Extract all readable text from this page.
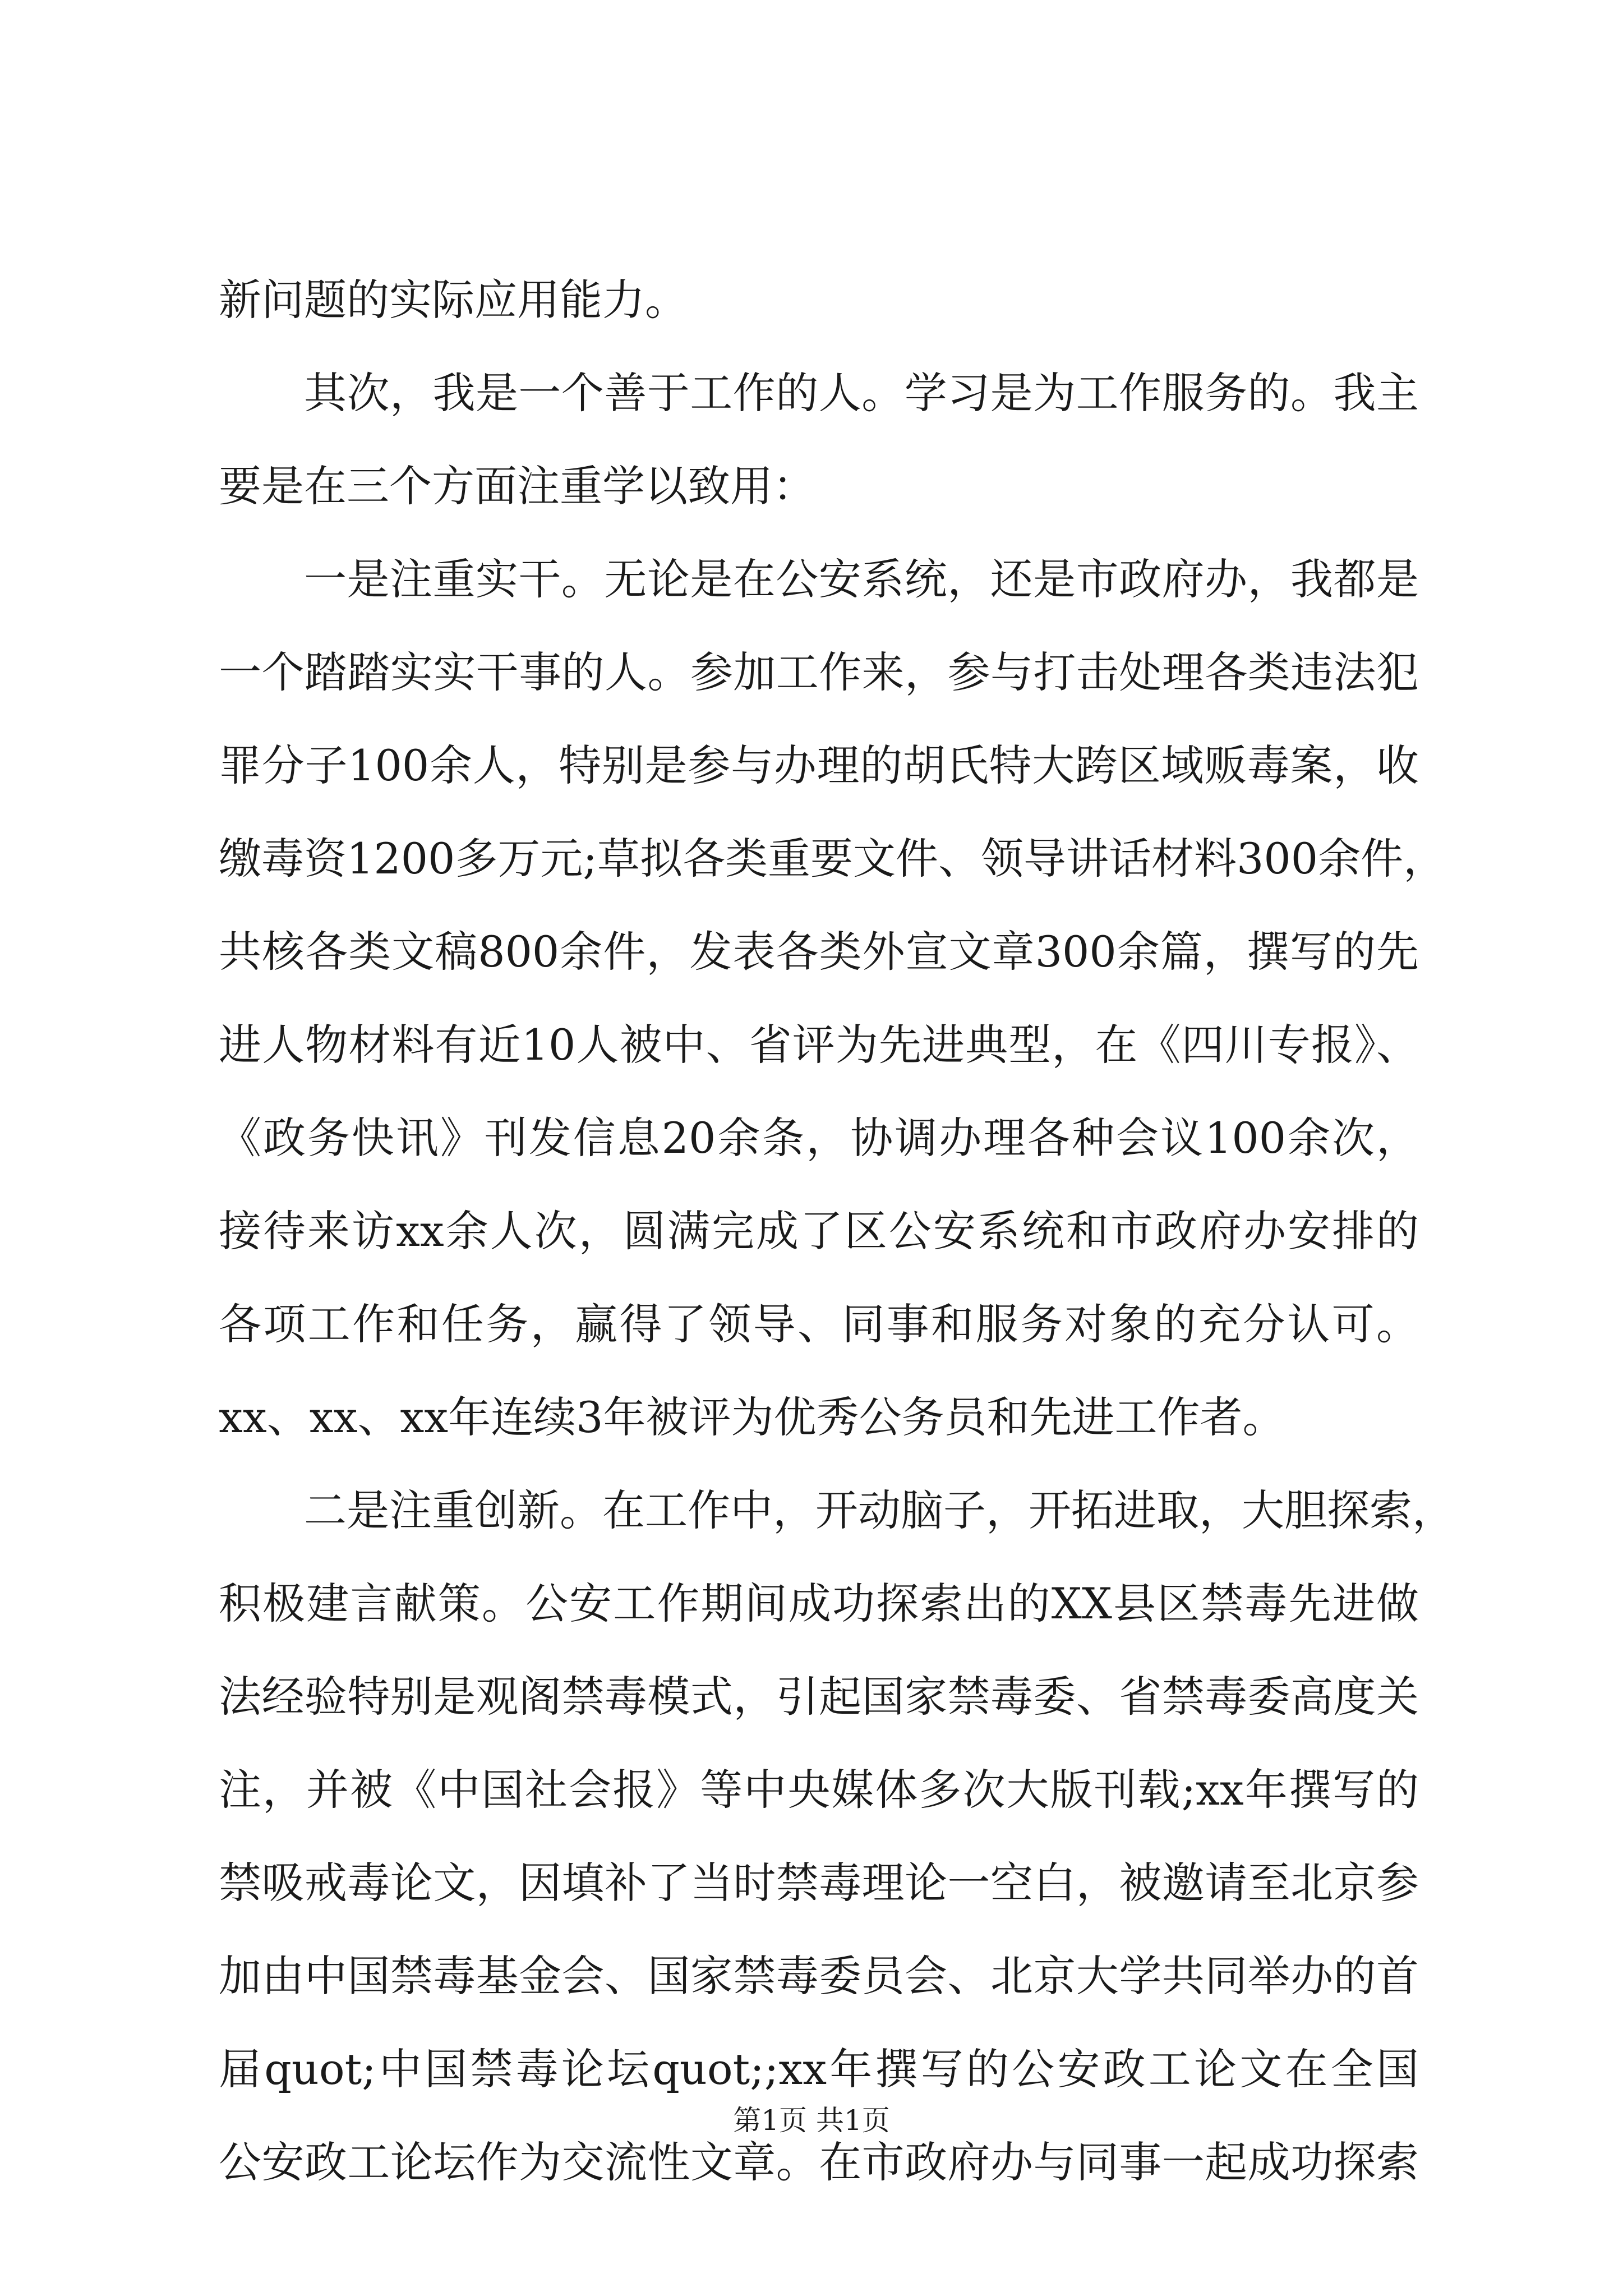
新问题的实际应用能力。
其次，我是一个善于工作的人。学习是为工作服务的。我主
要是在三个方面注重学以致用：
一是注重实干。无论是在公安系统，还是市政府办，我都是
一个踏踏实实干事的人。参加工作来，参与打击处理各类违法犯
罪分子100余人，特别是参与办理的胡氏特大跨区域贩毒案，收
缴毒资1200多万元;草拟各类重要文件、领导讲话材料300余件，
共核各类文稿800余件，发表各类外宣文章300余篇，撰写的先
进人物材料有近10人被中、省评为先进典型，在《四川专报》、
《政务快讯》刊发信息20余条，协调办理各种会议100余次，
接待来访xx余人次，圆满完成了区公安系统和市政府办安排的
各项工作和任务，赢得了领导、同事和服务对象的充分认可。
xx、xx、xx年连续3年被评为优秀公务员和先进工作者。
二是注重创新。在工作中，开动脑子，开拓进取，大胆探索，
积极建言献策。公安工作期间成功探索出的XX县区禁毒先进做
法经验特别是观阁禁毒模式，引起国家禁毒委、省禁毒委高度关
注，并被《中国社会报》等中央媒体多次大版刊载;xx年撰写的
禁吸戒毒论文，因填补了当时禁毒理论一空白，被邀请至北京参
加由中国禁毒基金会、国家禁毒委员会、北京大学共同举办的首
届quot;中国禁毒论坛quot;;xx年撰写的公安政工论文在全国
公安政工论坛作为交流性文章。在市政府办与同事一起成功探索
第1页 共1页
